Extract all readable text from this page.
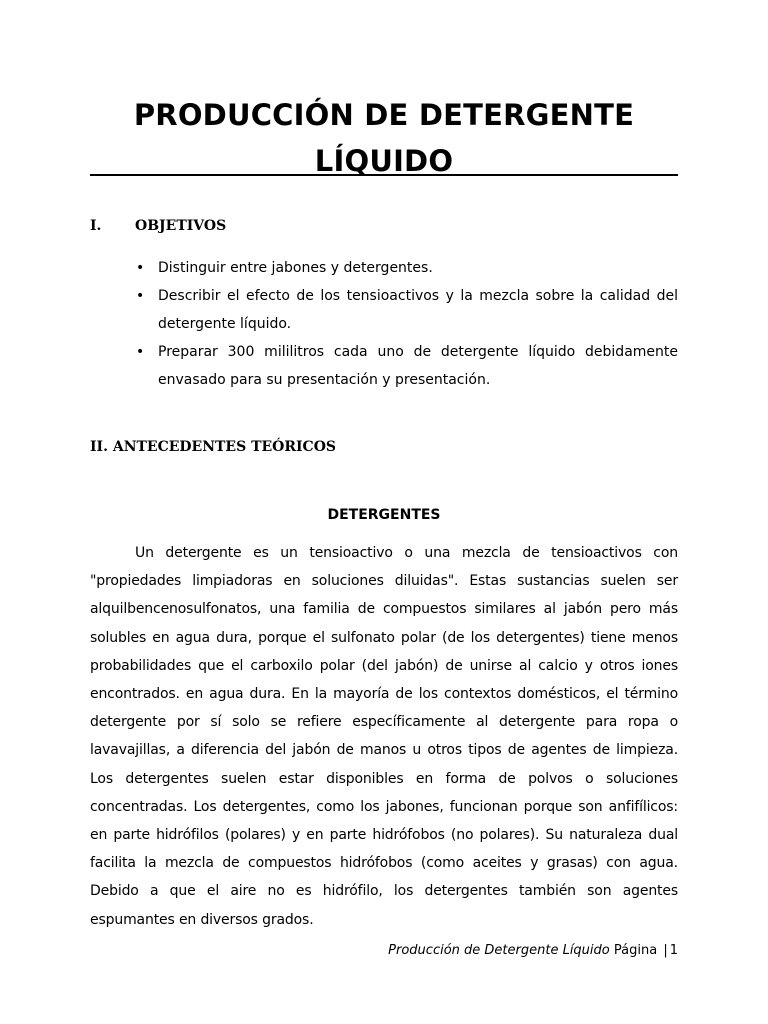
PRODUCCIÓN DE DETERGENTE
LÍQUIDO
I. OBJETIVOS
• Distinguir entre jabones y detergentes.
• Describir el efecto de los tensioactivos y la mezcla sobre la calidad del detergente líquido.
• Preparar 300 mililitros cada uno de detergente líquido debidamente envasado para su presentación y presentación.
II. ANTECEDENTES TEÓRICOS
DETERGENTES

Un detergente es un tensioactivo o una mezcla de tensioactivos con "propiedades limpiadoras en soluciones diluidas". Estas sustancias suelen ser alquilbencenosulfonatos, una familia de compuestos similares al jabón pero más solubles en agua dura, porque el sulfonato polar (de los detergentes) tiene menos probabilidades que el carboxilo polar (del jabón) de unirse al calcio y otros iones encontrados. en agua dura. En la mayoría de los contextos domésticos, el término detergente por sí solo se refiere específicamente al detergente para ropa o lavavajillas, a diferencia del jabón de manos u otros tipos de agentes de limpieza. Los detergentes suelen estar disponibles en forma de polvos o soluciones concentradas. Los detergentes, como los jabones, funcionan porque son anfifílicos: en parte hidrófilos (polares) y en parte hidrófobos (no polares). Su naturaleza dual facilita la mezcla de compuestos hidrófobos (como aceites y grasas) con agua. Debido a que el aire no es hidrófilo, los detergentes también son agentes espumantes en diversos grados.

Producción de Detergente Líquido Página | 1
